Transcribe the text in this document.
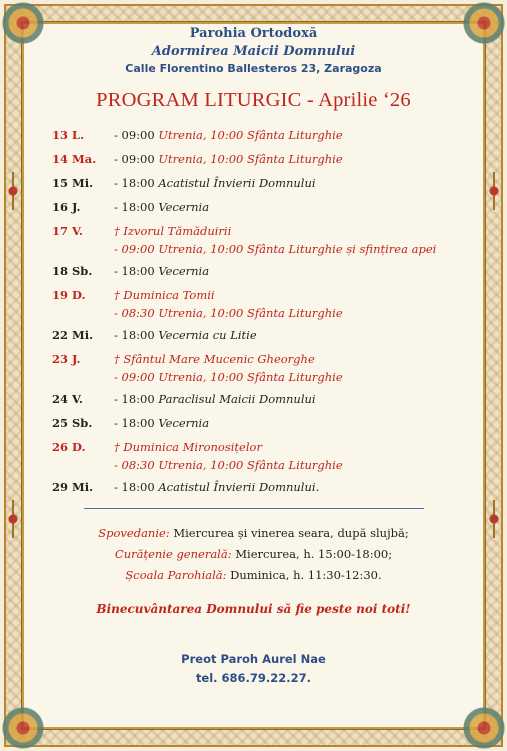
Parohia Ortodoxă
Adormirea Maicii Domnului
Calle Florentino Ballesteros 23, Zaragoza
PROGRAM LITURGIC - Aprilie ‘26
13 L.	- 09:00 Utrenia, 10:00 Sfânta Liturghie
14 Ma.	- 09:00 Utrenia, 10:00 Sfânta Liturghie
15 Mi.	- 18:00 Acatistul Învierii Domnului
16 J.	- 18:00 Vecernia
17 V.	† Izvorul Tămăduirii
- 09:00 Utrenia, 10:00 Sfânta Liturghie și sfințirea apei
18 Sb.	- 18:00 Vecernia
19 D.	† Duminica Tomii
- 08:30 Utrenia, 10:00 Sfânta Liturghie
22 Mi.	- 18:00 Vecernia cu Litie
23 J.	† Sfântul Mare Mucenic Gheorghe
- 09:00 Utrenia, 10:00 Sfânta Liturghie
24 V.	- 18:00 Paraclisul Maicii Domnului
25 Sb.	- 18:00 Vecernia
26 D.	† Duminica Mironosițelor
- 08:30 Utrenia, 10:00 Sfânta Liturghie
29 Mi.	- 18:00 Acatistul Învierii Domnului.
Spovedanie: Miercurea și vinerea seara, după slujbă;
Curățenie generală: Miercurea, h. 15:00-18:00;
Școala Parohială: Duminica, h. 11:30-12:30.
Binecuvântarea Domnului să fie peste noi toti!
Preot Paroh Aurel Nae
tel. 686.79.22.27.
